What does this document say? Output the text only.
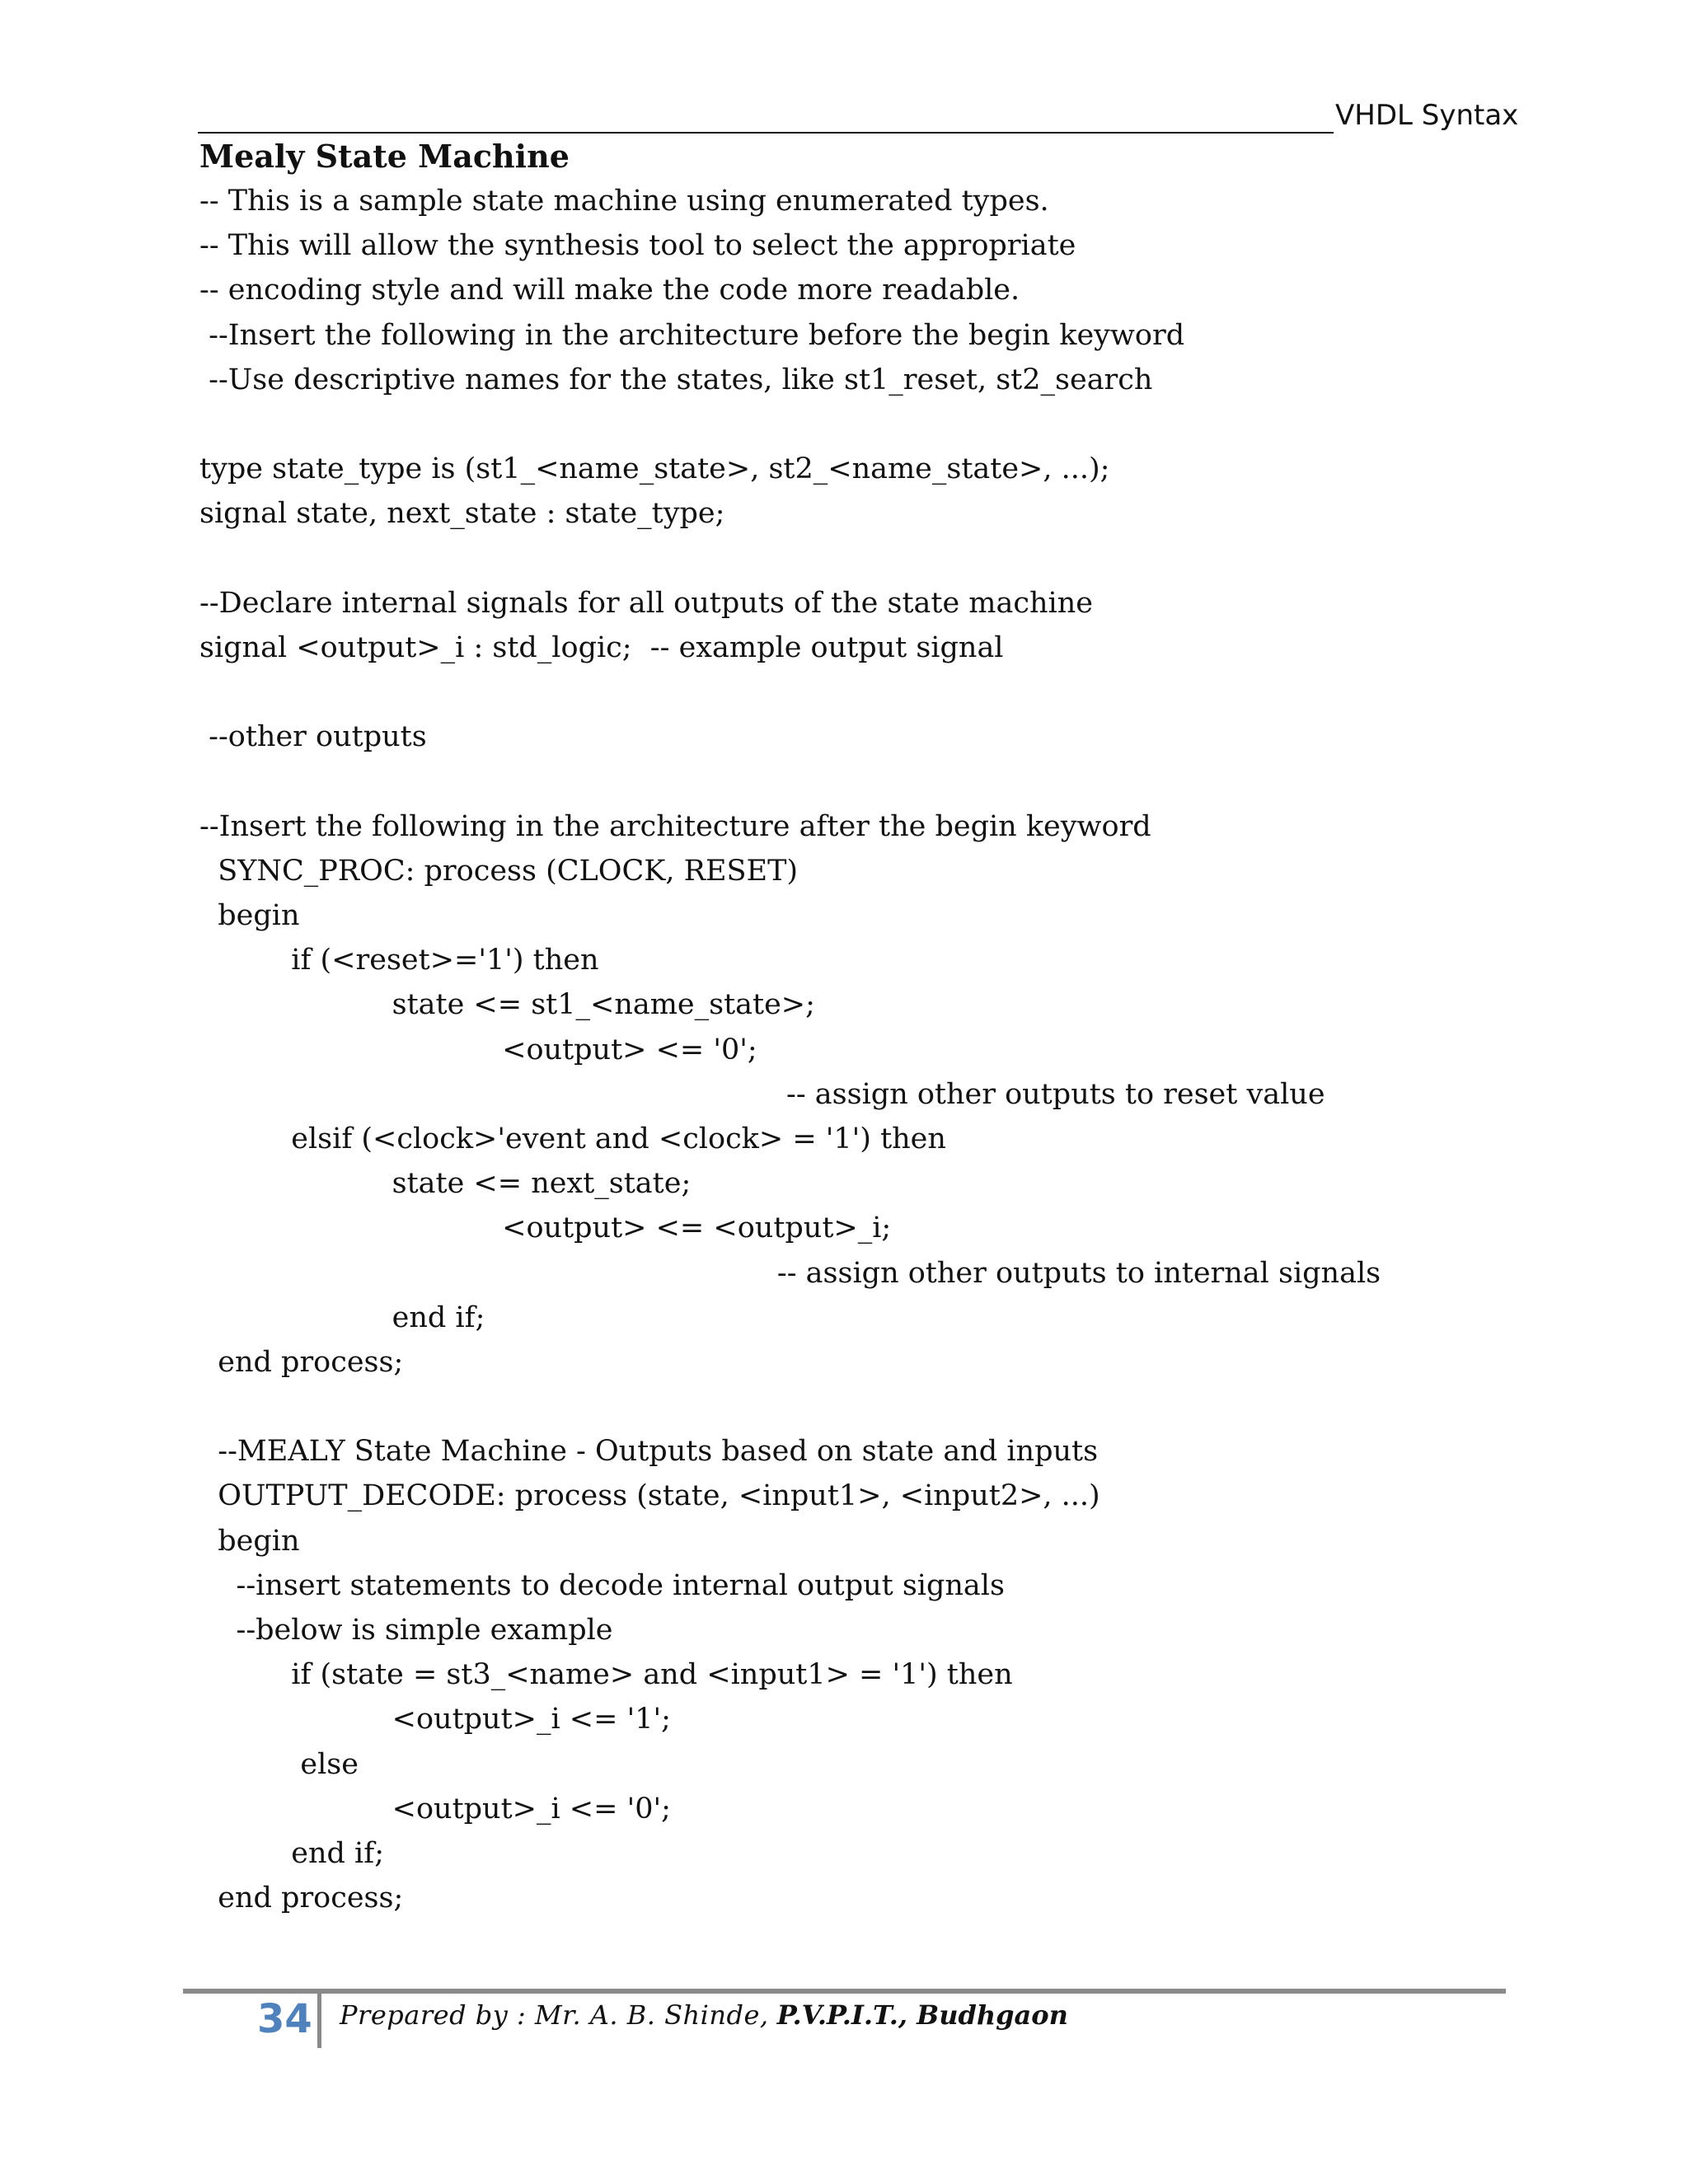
VHDL Syntax
Mealy State Machine
-- This is a sample state machine using enumerated types.
-- This will allow the synthesis tool to select the appropriate
-- encoding style and will make the code more readable.
--Insert the following in the architecture before the begin keyword
--Use descriptive names for the states, like st1_reset, st2_search
type state_type is (st1_<name_state>, st2_<name_state>, ...);
signal state, next_state : state_type;
--Declare internal signals for all outputs of the state machine
signal <output>_i : std_logic;  -- example output signal
--other outputs
--Insert the following in the architecture after the begin keyword
SYNC_PROC: process (CLOCK, RESET)
begin
if (<reset>='1') then
state <= st1_<name_state>;
<output> <= '0';
-- assign other outputs to reset value
elsif (<clock>'event and <clock> = '1') then
state <= next_state;
<output> <= <output>_i;
-- assign other outputs to internal signals
end if;
end process;
--MEALY State Machine - Outputs based on state and inputs
OUTPUT_DECODE: process (state, <input1>, <input2>, ...)
begin
--insert statements to decode internal output signals
--below is simple example
if (state = st3_<name> and <input1> = '1') then
<output>_i <= '1';
else
<output>_i <= '0';
end if;
end process;
34 Prepared by : Mr. A. B. Shinde, P.V.P.I.T., Budhgaon
